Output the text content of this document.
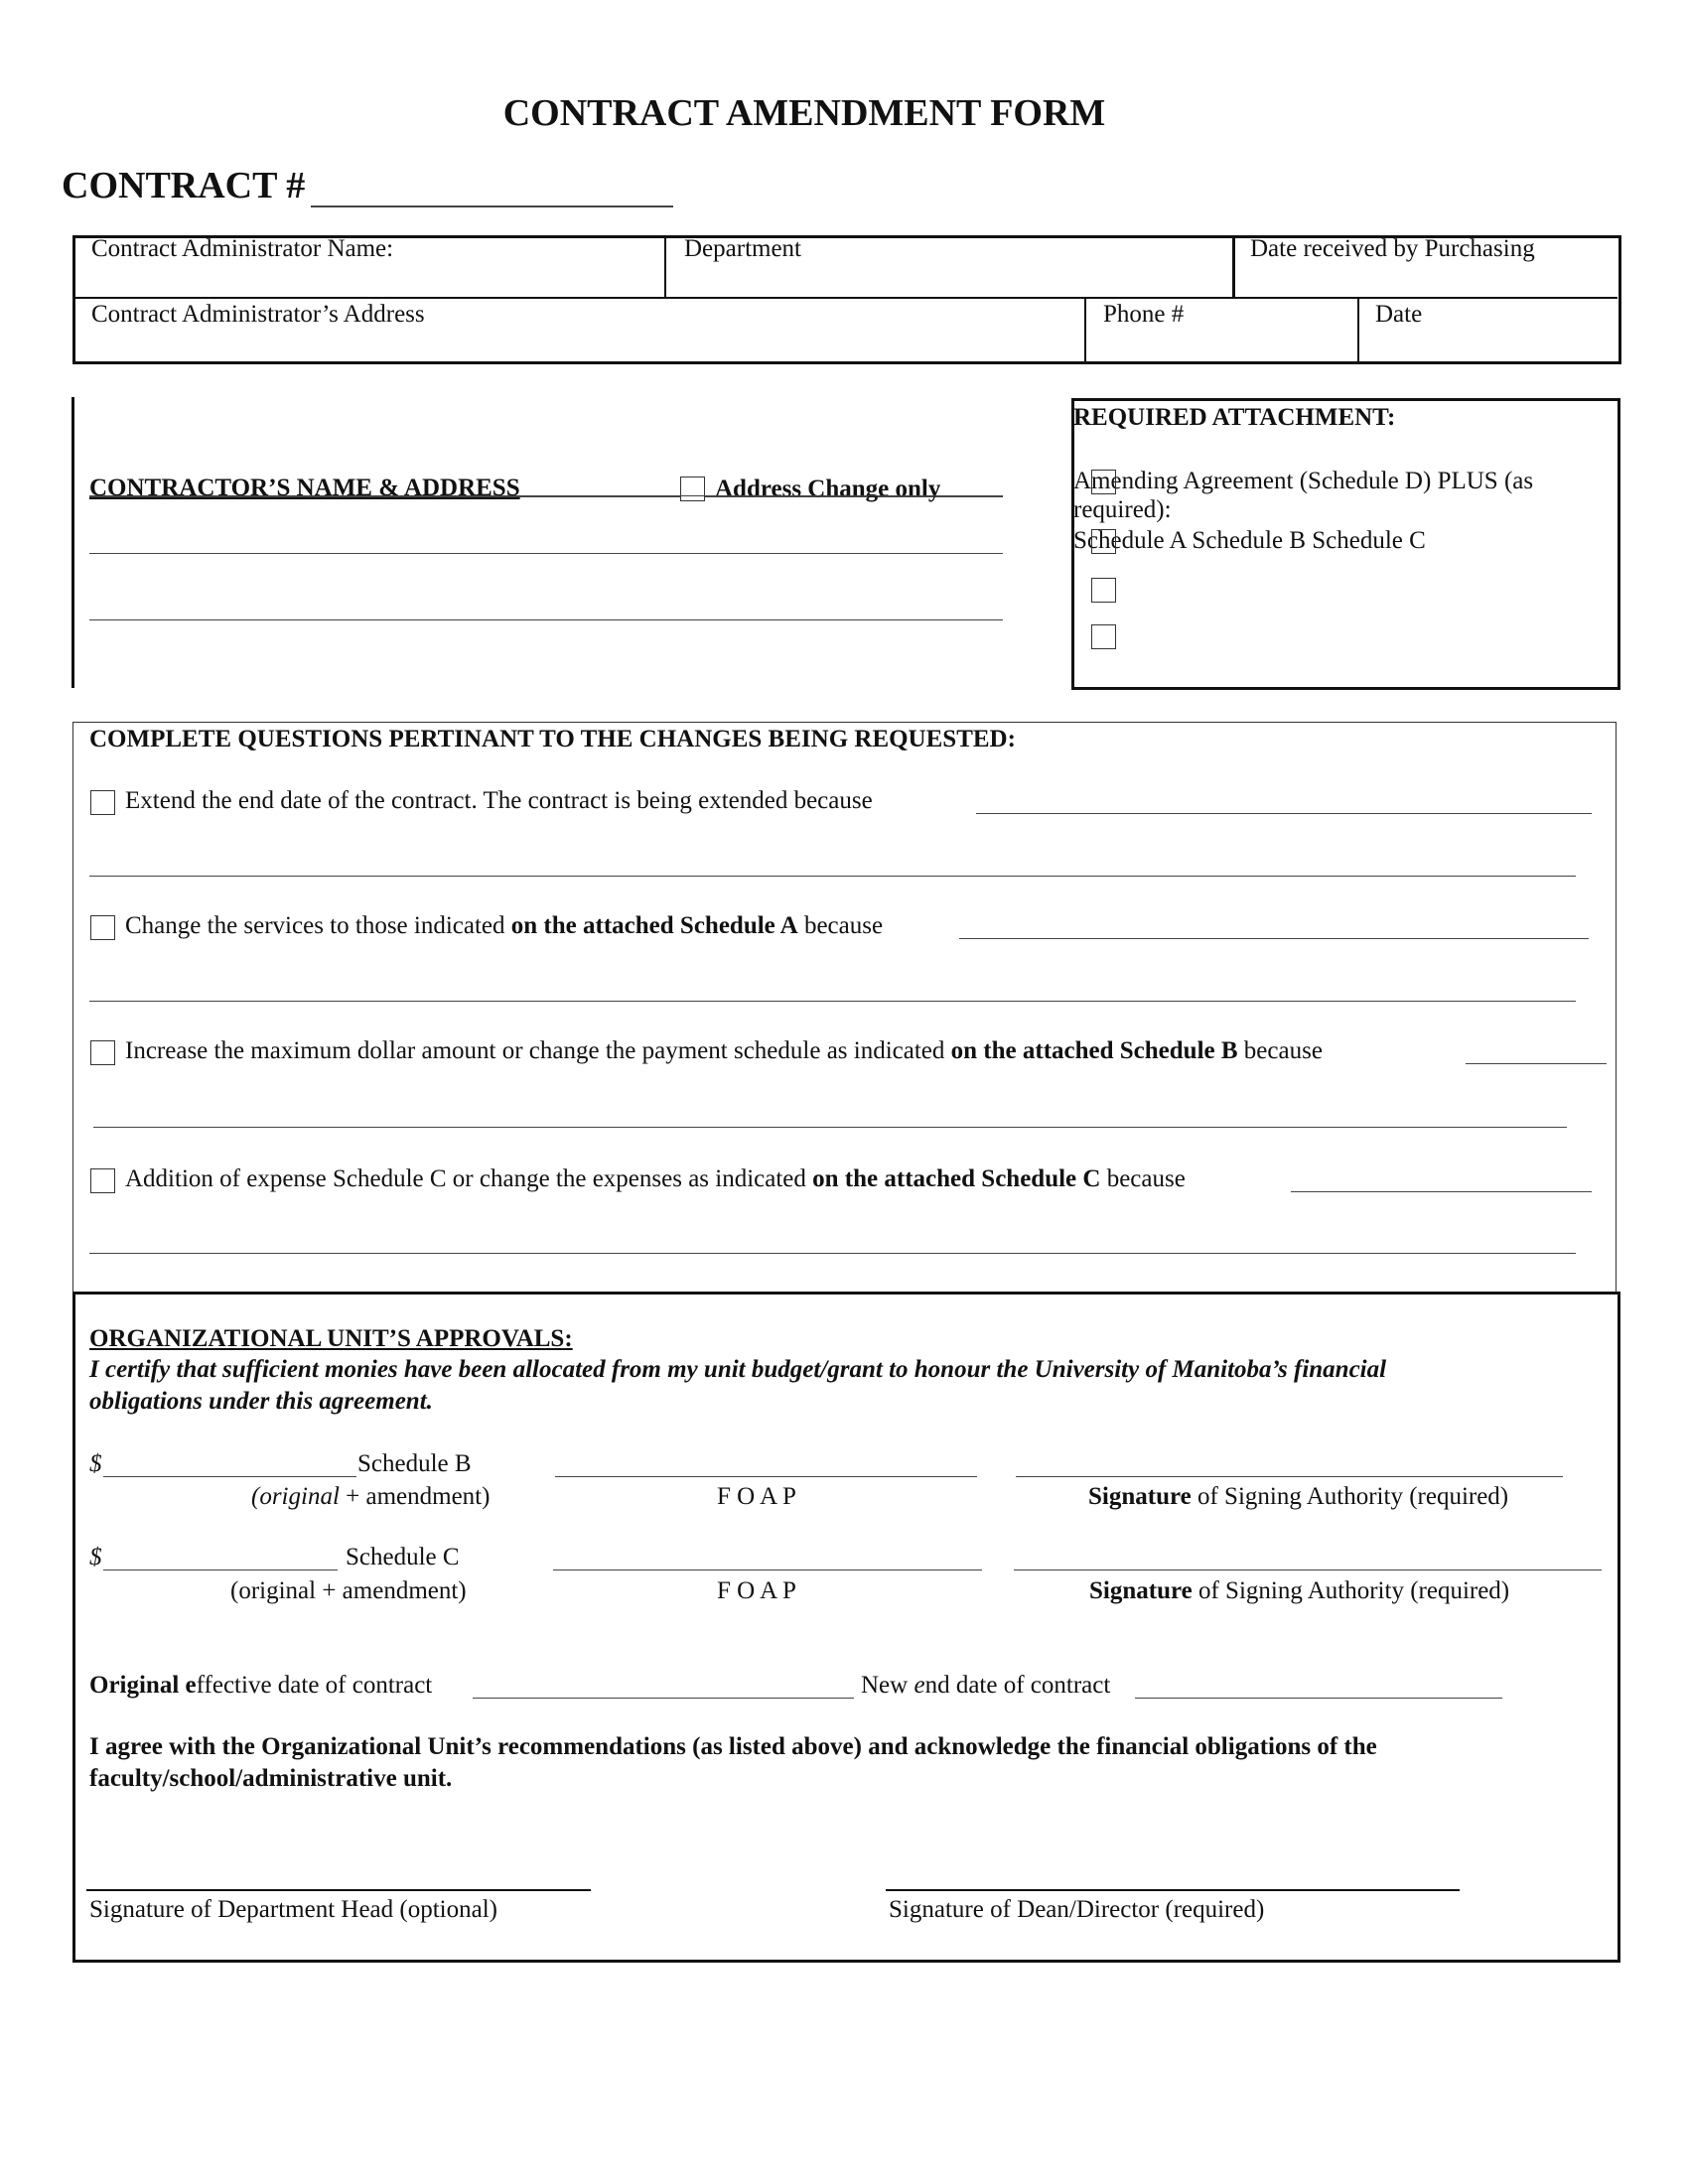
CONTRACT AMENDMENT FORM
CONTRACT #
Contract Administrator Name:	Department	Date received by Purchasing
Contract Administrator’s Address	Phone #	Date
CONTRACTOR’S NAME & ADDRESS	Address Change only
REQUIRED ATTACHMENT:
Amending Agreement (Schedule D) PLUS (as
required):
Schedule A Schedule B Schedule C
COMPLETE QUESTIONS PERTINANT TO THE CHANGES BEING REQUESTED:
Extend the end date of the contract. The contract is being extended because
Change the services to those indicated on the attached Schedule A because
Increase the maximum dollar amount or change the payment schedule as indicated on the attached Schedule B because
Addition of expense Schedule C or change the expenses as indicated on the attached Schedule C because
ORGANIZATIONAL UNIT’S APPROVALS:
I certify that sufficient monies have been allocated from my unit budget/grant to honour the University of Manitoba’s financial
obligations under this agreement.
$	Schedule B
(original + amendment)	F O A P	Signature of Signing Authority (required)
$	Schedule C
(original + amendment)	F O A P	Signature of Signing Authority (required)
Original effective date of contract	New end date of contract
I agree with the Organizational Unit’s recommendations (as listed above) and acknowledge the financial obligations of the
faculty/school/administrative unit.
Signature of Department Head (optional)	Signature of Dean/Director (required)
